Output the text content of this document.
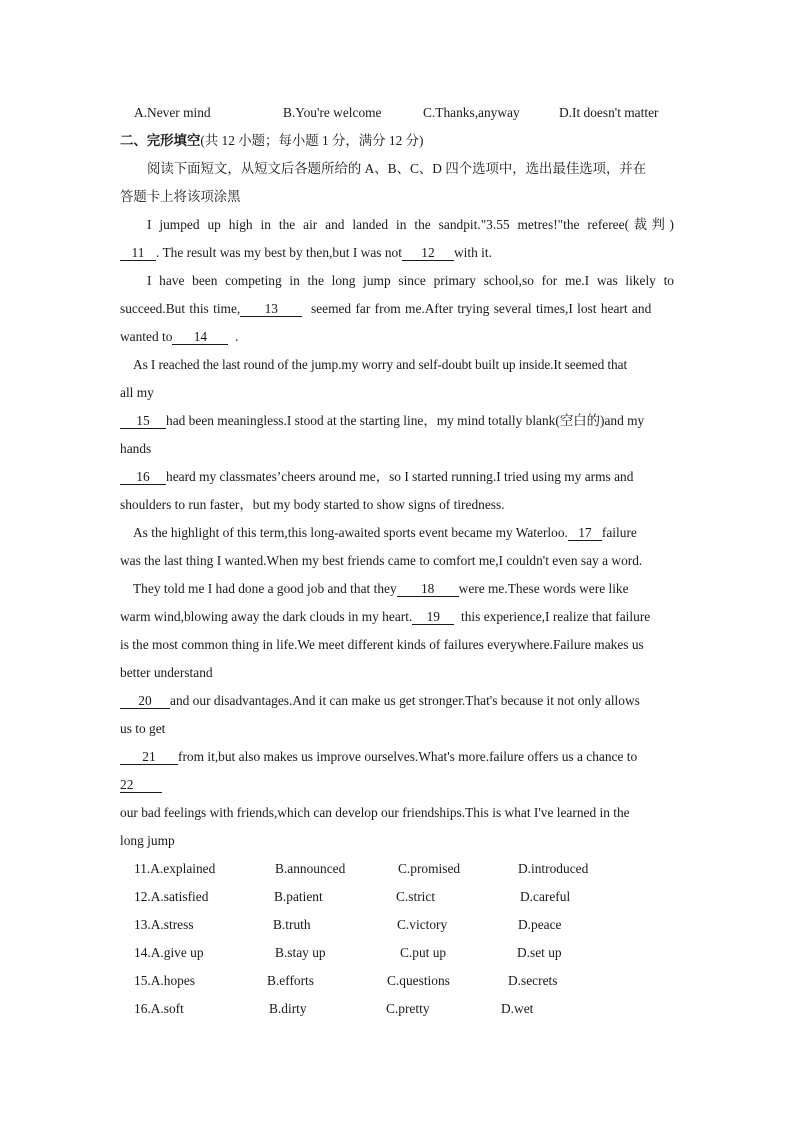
A.Never mind	B.You're welcome	C.Thanks,anyway	D.It doesn't matter
二、完形填空(共 12 小题；每小题 1 分，满分 12 分)
阅读下面短文，从短文后各题所给的 A、B、C、D 四个选项中，选出最佳选项，并在
答题卡上将该项涂黑
I jumped up high in the air and landed in the sandpit."3.55 metres!"the referee(裁判)
11 . The result was my best by then,but I was not 12 with it.
I have been competing in the long jump since primary school,so for me.I was likely to
succeed.But this time, 13 seemed far from me.After trying several times,I lost heart and
wanted to 14 .
As I reached the last round of the jump.my worry and self-doubt built up inside.It seemed that
all my
15 had been meaningless.I stood at the starting line，my mind totally blank(空白的)and my
hands
16 heard my classmates’cheers around me，so I started running.I tried using my arms and
shoulders to run faster，but my body started to show signs of tiredness.
As the highlight of this term,this long-awaited sports event became my Waterloo. 17 failure
was the last thing I wanted.When my best friends came to comfort me,I couldn't even say a word.
They told me I had done a good job and that they 18 were me.These words were like
warm wind,blowing away the dark clouds in my heart. 19 this experience,I realize that failure
is the most common thing in life.We meet different kinds of failures everywhere.Failure makes us
better understand
20 and our disadvantages.And it can make us get stronger.That's because it not only allows
us to get
21 from it,but also makes us improve ourselves.What's more.failure offers us a chance to
22
our bad feelings with friends,which can develop our friendships.This is what I've learned in the
long jump
11.A.explained	B.announced	C.promised	D.introduced
12.A.satisfied	B.patient	C.strict	D.careful
13.A.stress	B.truth	C.victory	D.peace
14.A.give up	B.stay up	C.put up	D.set up
15.A.hopes	B.efforts	C.questions	D.secrets
16.A.soft	B.dirty	C.pretty	D.wet
